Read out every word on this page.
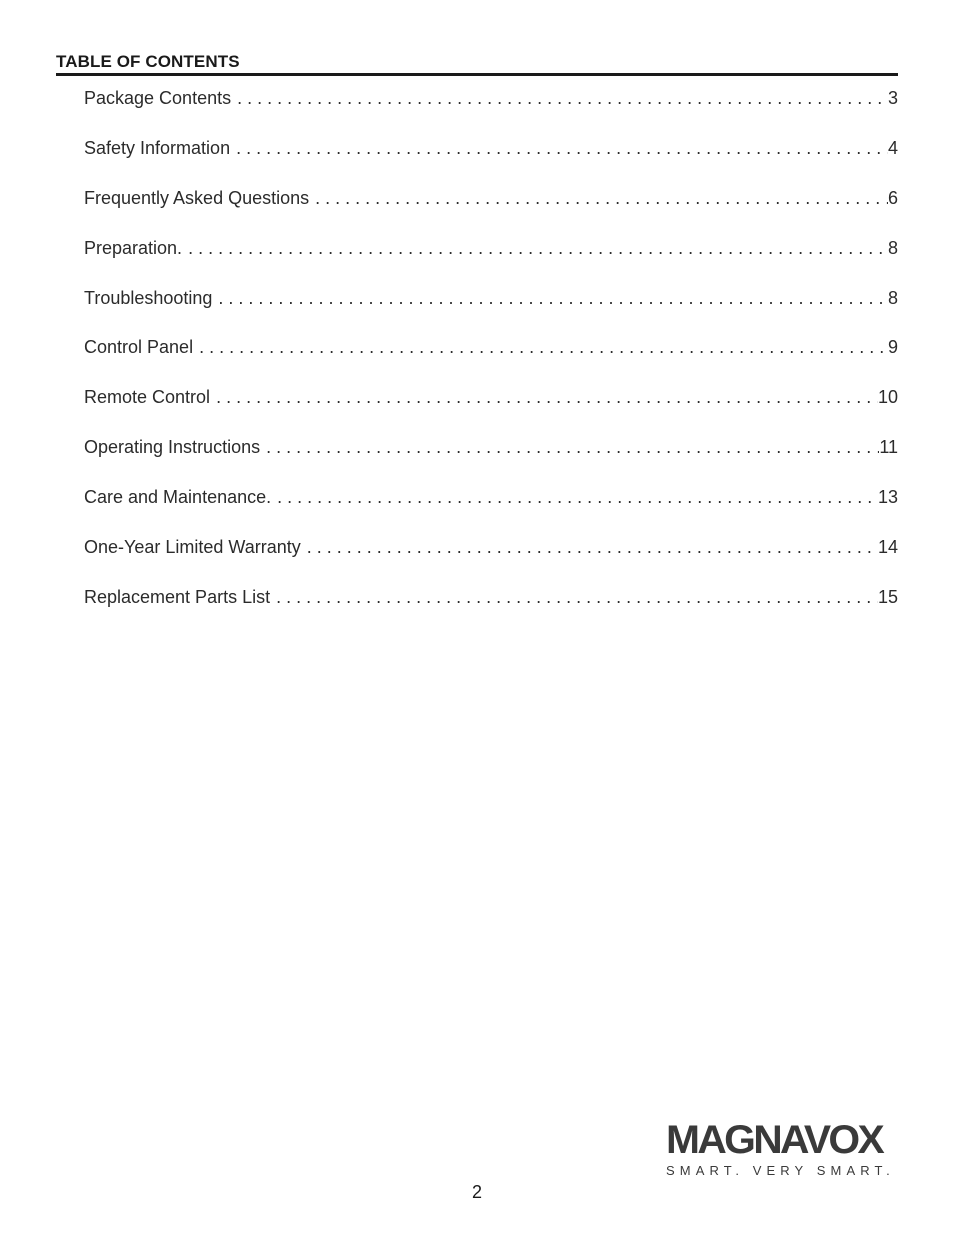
TABLE OF CONTENTS
Package Contents . . .	3
Safety Information . . .	4
Frequently Asked Questions . . .	6
Preparation. . . .	8
Troubleshooting . . .	8
Control Panel . . .	9
Remote Control . . .	10
Operating Instructions . . .	11
Care and Maintenance. . . .	13
One-Year Limited Warranty . . .	14
Replacement Parts List . . .	15
MAGNAVOX
SMART. VERY SMART.
2
